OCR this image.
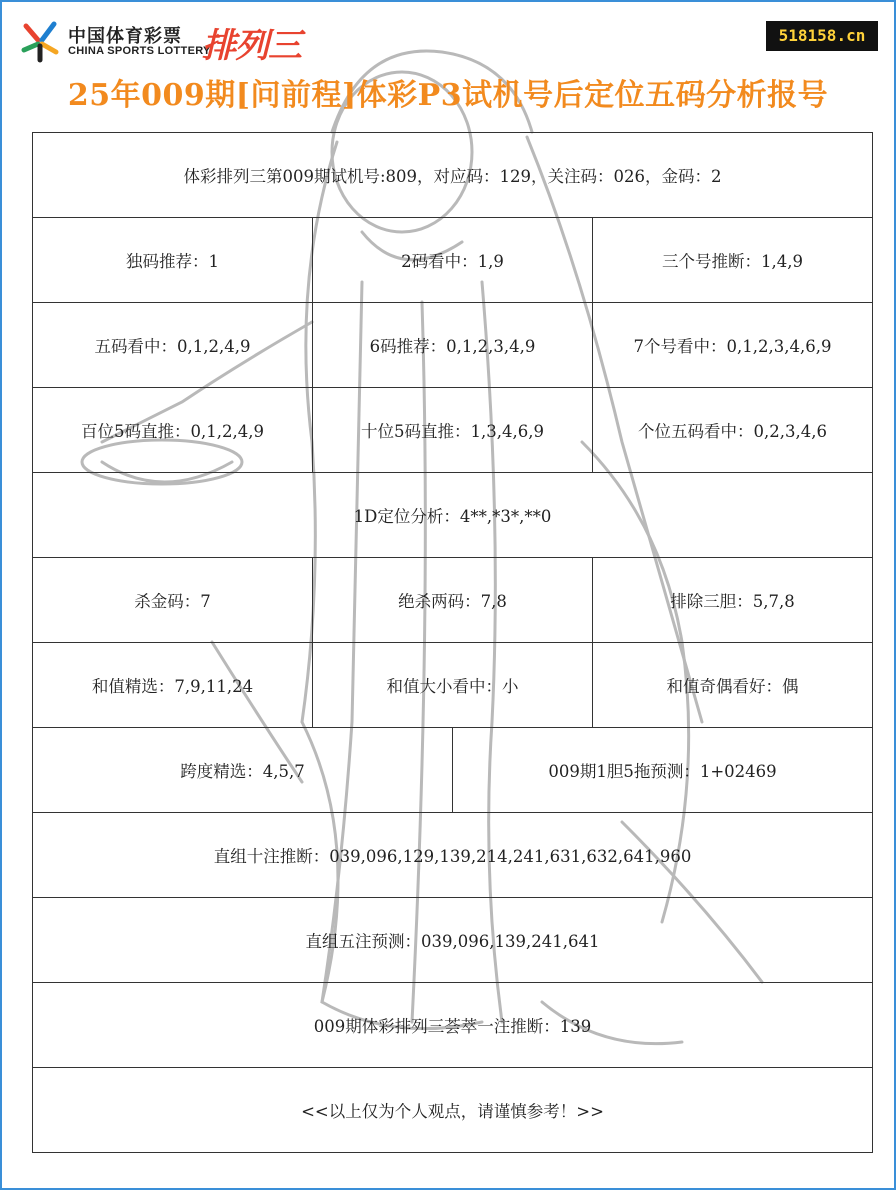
中国体育彩票
CHINA SPORTS LOTTERY
排列三	518158.cn
25年009期[问前程]体彩P3试机号后定位五码分析报号
体彩排列三第009期试机号:809，对应码：129，关注码：026，金码：2			
独码推荐：1	2码看中：1,9		三个号推断：1,4,9
五码看中：0,1,2,4,9	6码推荐：0,1,2,3,4,9		7个号看中：0,1,2,3,4,6,9
百位5码直推：0,1,2,4,9	十位5码直推：1,3,4,6,9		个位五码看中：0,2,3,4,6
1D定位分析：4**,*3*,**0			
杀金码：7	绝杀两码：7,8		排除三胆：5,7,8
和值精选：7,9,11,24	和值大小看中：小		和值奇偶看好：偶
跨度精选：4,5,7		009期1胆5拖预测：1+02469	
直组十注推断：039,096,129,139,214,241,631,632,641,960			
直组五注预测：039,096,139,241,641			
009期体彩排列三荟萃一注推断：139			
<<以上仅为个人观点，请谨慎参考！>>			
